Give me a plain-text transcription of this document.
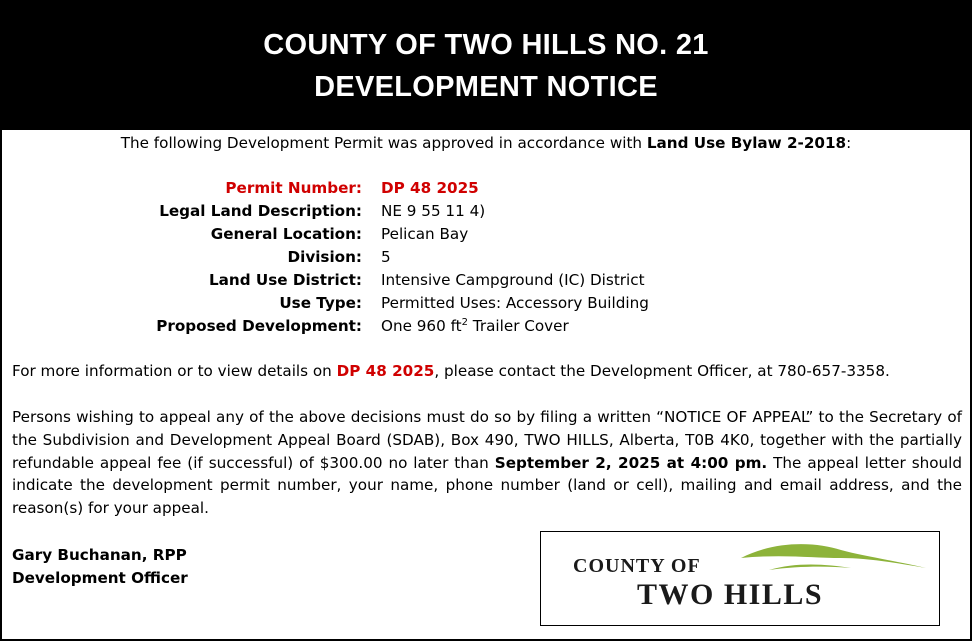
COUNTY OF TWO HILLS NO. 21
DEVELOPMENT NOTICE
The following Development Permit was approved in accordance with Land Use Bylaw 2-2018:
Permit Number: DP 48 2025
Legal Land Description: NE 9 55 11 4)
General Location: Pelican Bay
Division: 5
Land Use District: Intensive Campground (IC) District
Use Type: Permitted Uses: Accessory Building
Proposed Development: One 960 $ft^2$ Trailer Cover
For more information or to view details on DP 48 2025, please contact the Development Officer, at 780-657-3358.
Persons wishing to appeal any of the above decisions must do so by filing a written “NOTICE OF APPEAL” to the Secretary of the Subdivision and Development Appeal Board (SDAB), Box 490, TWO HILLS, Alberta, T0B 4K0, together with the partially refundable appeal fee (if successful) of $300.00 no later than September 2, 2025 at 4:00 pm. The appeal letter should indicate the development permit number, your name, phone number (land or cell), mailing and email address, and the reason(s) for your appeal.
Gary Buchanan, RPP
Development Officer
COUNTY OF
TWO HILLS
